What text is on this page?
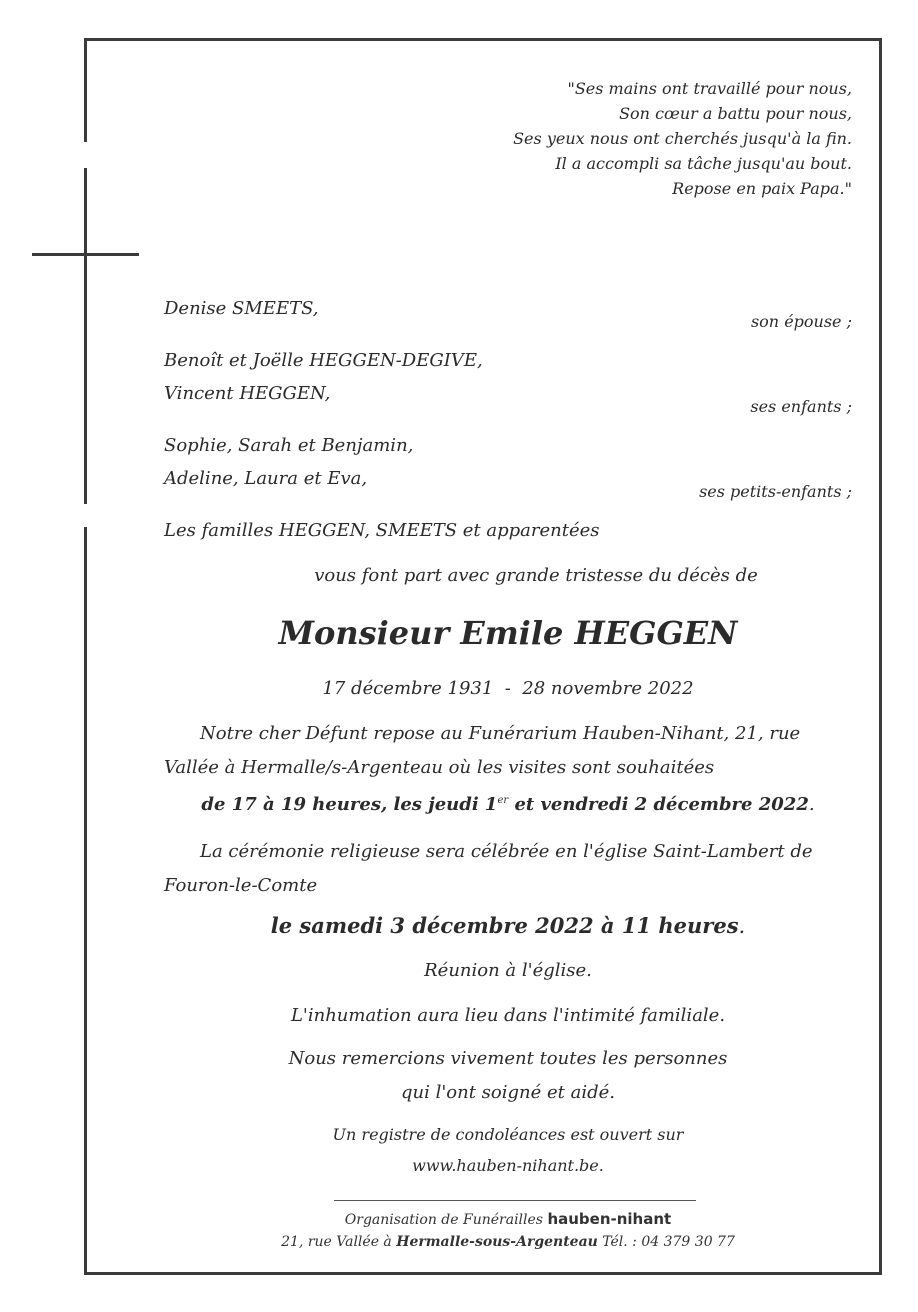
"Ses mains ont travaillé pour nous,
Son cœur a battu pour nous,
Ses yeux nous ont cherchés jusqu'à la fin.
Il a accompli sa tâche jusqu'au bout.
Repose en paix Papa."
Denise SMEETS,
son épouse ;
Benoît et Joëlle HEGGEN-DEGIVE,
Vincent HEGGEN,
ses enfants ;
Sophie, Sarah et Benjamin,
Adeline, Laura et Eva,
ses petits-enfants ;
Les familles HEGGEN, SMEETS et apparentées
vous font part avec grande tristesse du décès de
Monsieur Emile HEGGEN
17 décembre 1931  -  28 novembre 2022
Notre cher Défunt repose au Funérarium Hauben-Nihant, 21, rue
Vallée à Hermalle/s-Argenteau où les visites sont souhaitées
de 17 à 19 heures, les jeudi 1er et vendredi 2 décembre 2022.
La cérémonie religieuse sera célébrée en l'église Saint-Lambert de
Fouron-le-Comte
le samedi 3 décembre 2022 à 11 heures.
Réunion à l'église.
L'inhumation aura lieu dans l'intimité familiale.
Nous remercions vivement toutes les personnes
qui l'ont soigné et aidé.
Un registre de condoléances est ouvert sur
www.hauben-nihant.be.
Organisation de Funérailles hauben-nihant
21, rue Vallée à Hermalle-sous-Argenteau Tél. : 04 379 30 77
